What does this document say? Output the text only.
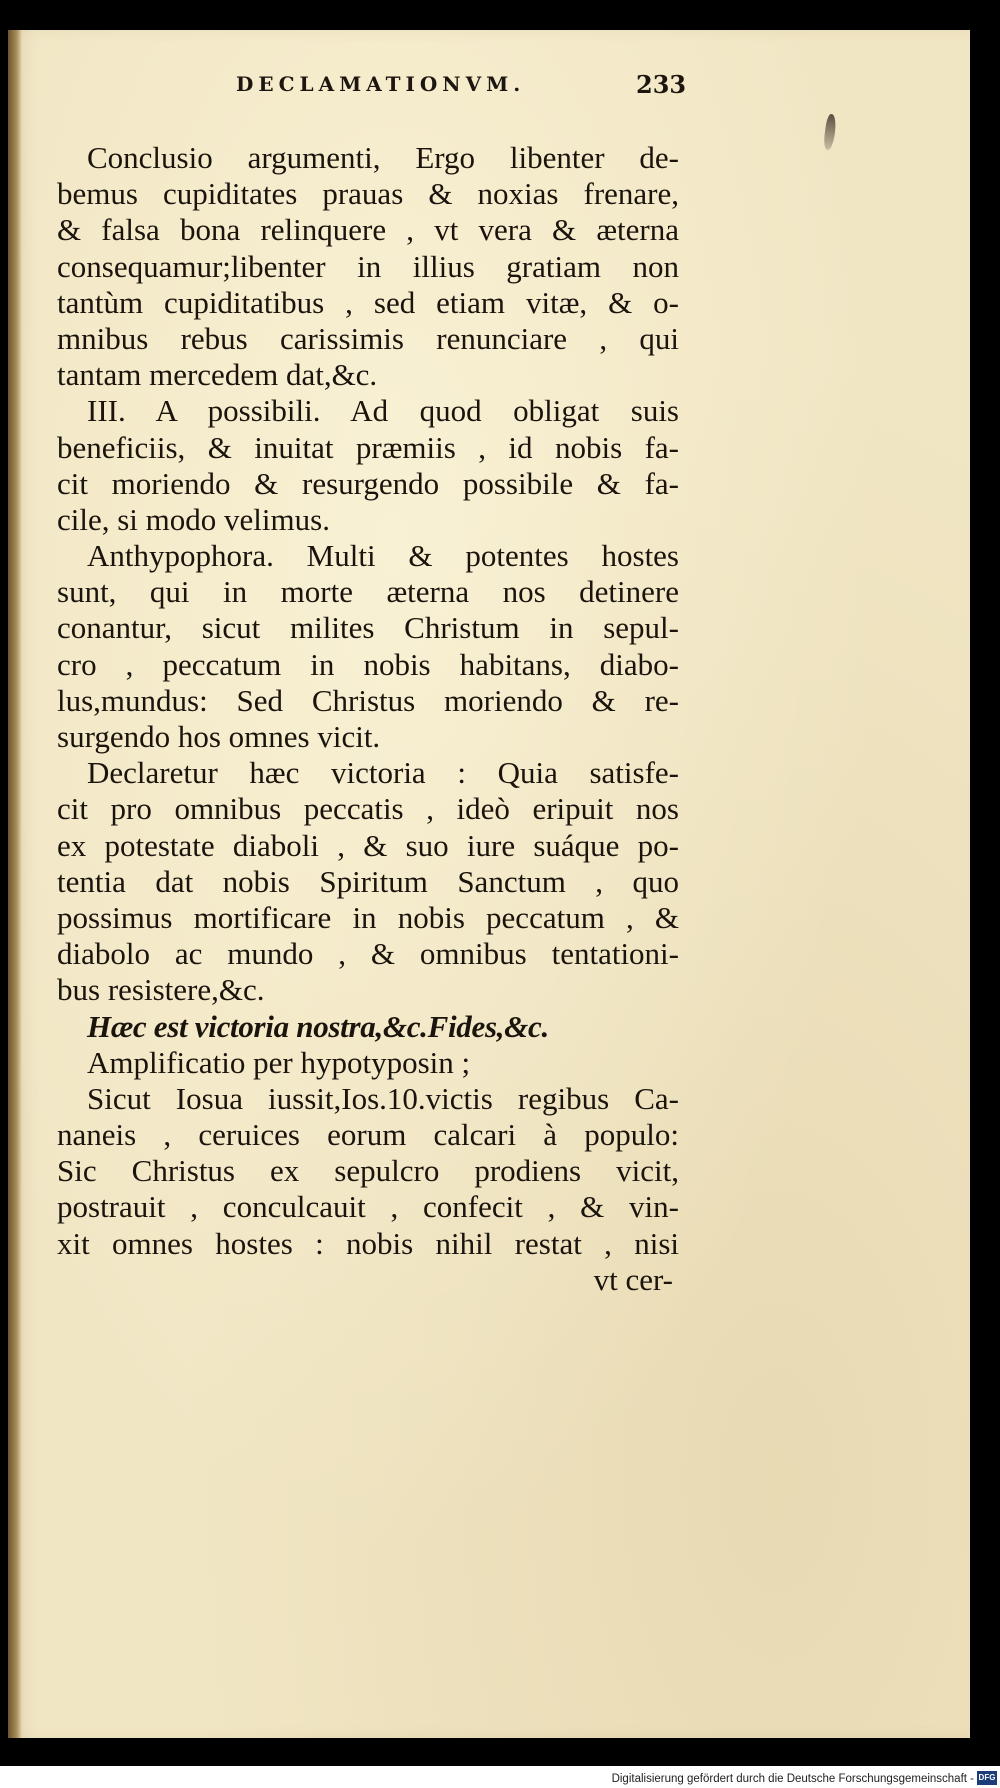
DECLAMATIONVM.	233
Conclusio argumenti, Ergo libenter de-
bemus cupiditates prauas & noxias frenare,
& falsa bona relinquere , vt vera & æterna
consequamur;libenter in illius gratiam non
tantùm cupiditatibus , sed etiam vitæ, & o-
mnibus rebus carissimis renunciare , qui
tantam mercedem dat,&c.
III. A possibili. Ad quod obligat suis
beneficiis, & inuitat præmiis , id nobis fa-
cit moriendo & resurgendo possibile & fa-
cile, si modo velimus.
Anthypophora. Multi & potentes hostes
sunt, qui in morte æterna nos detinere
conantur, sicut milites Christum in sepul-
cro , peccatum in nobis habitans, diabo-
lus,mundus: Sed Christus moriendo & re-
surgendo hos omnes vicit.
Declaretur hæc victoria : Quia satisfe-
cit pro omnibus peccatis , ideò eripuit nos
ex potestate diaboli , & suo iure suáque po-
tentia dat nobis Spiritum Sanctum , quo
possimus mortificare in nobis peccatum , &
diabolo ac mundo , & omnibus tentationi-
bus resistere,&c.
Hæc est victoria nostra,&c.Fides,&c.
Amplificatio per hypotyposin ;
Sicut Iosua iussit,Ios.10.victis regibus Ca-
naneis , ceruices eorum calcari à populo:
Sic Christus ex sepulcro prodiens vicit,
postrauit , conculcauit , confecit , & vin-
xit omnes hostes : nobis nihil restat , nisi
vt cer-
Digitalisierung gefördert durch die Deutsche Forschungsgemeinschaft - DFG
